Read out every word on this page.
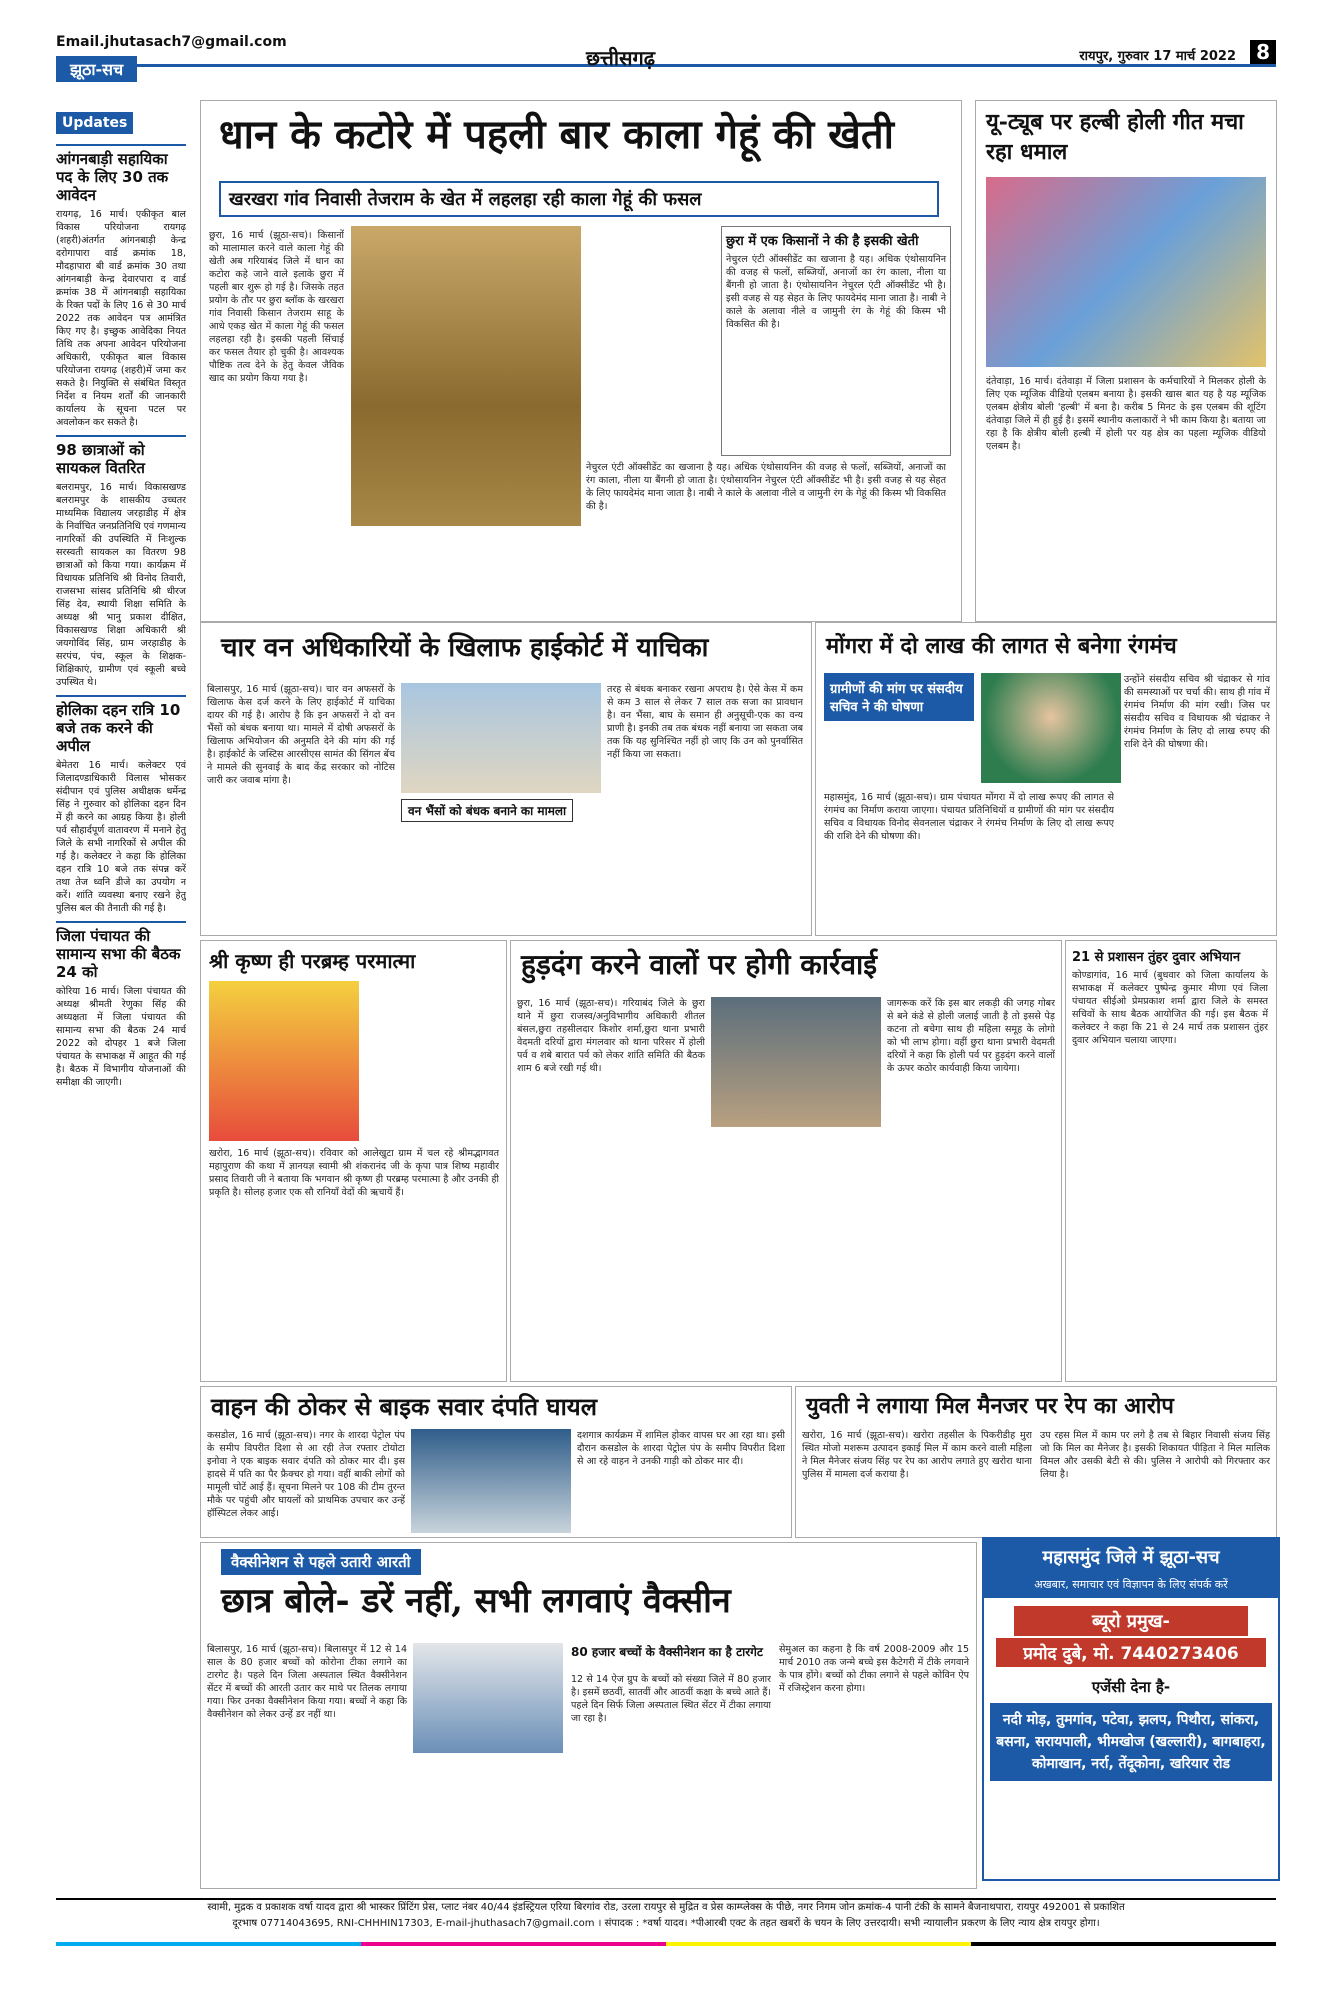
Email.jhutasach7@gmail.com
झूठा-सच	छत्तीसगढ़	रायपुर, गुरुवार 17 मार्च 2022	8
Updates
आंगनबाड़ी सहायिका पद के लिए 30 तक आवेदन

रायगढ़, 16 मार्च। एकीकृत बाल विकास परियोजना रायगढ़ (शहरी)अंतर्गत आंगनबाड़ी केन्द्र दरोगापारा वार्ड क्रमांक 18, मौदहापारा बी वार्ड क्रमांक 30 तथा आंगनबाड़ी केन्द्र देवारपारा द वार्ड क्रमांक 38 में आंगनबाड़ी सहायिका के रिक्त पदों के लिए 16 से 30 मार्च 2022 तक आवेदन पत्र आमंत्रित किए गए है। इच्छुक आवेदिका नियत तिथि तक अपना आवेदन परियोजना अधिकारी, एकीकृत बाल विकास परियोजना रायगढ़ (शहरी)में जमा कर सकते है। नियुक्ति से संबंधित विस्तृत निर्देश व नियम शर्तों की जानकारी कार्यालय के सूचना पटल पर अवलोकन कर सकते है।

98 छात्राओं को सायकल वितरित

बलरामपुर, 16 मार्च। विकासखण्ड बलरामपुर के शासकीय उच्चतर माध्यमिक विद्यालय जरहाडीह में क्षेत्र के निर्वाचित जनप्रतिनिधि एवं गणमान्य नागरिकों की उपस्थिति में निःशुल्क सरस्वती सायकल का वितरण 98 छात्राओं को किया गया। कार्यक्रम में विधायक प्रतिनिधि श्री विनोद तिवारी, राजसभा सांसद प्रतिनिधि श्री धीरज सिंह देव, स्थायी शिक्षा समिति के अध्यक्ष श्री भानु प्रकाश दीक्षित, विकासखण्ड शिक्षा अधिकारी श्री जयगोविंद सिंह, ग्राम जरहाडीह के सरपंच, पंच, स्कूल के शिक्षक-शिक्षिकाएं, ग्रामीण एवं स्कूली बच्चे उपस्थित थे।

होलिका दहन रात्रि 10 बजे तक करने की अपील

बेमेतरा 16 मार्च। कलेक्टर एवं जिलादण्डाधिकारी विलास भोसकर संदीपान एवं पुलिस अधीक्षक धर्मेन्द्र सिंह ने गुरुवार को होलिका दहन दिन में ही करने का आग्रह किया है। होली पर्व सौहार्दपूर्ण वातावरण में मनाने हेतु जिले के सभी नागरिकों से अपील की गई है। कलेक्टर ने कहा कि होलिका दहन रात्रि 10 बजे तक संपन्न करें तथा तेज ध्वनि डीजे का उपयोग न करें। शांति व्यवस्था बनाए रखने हेतु पुलिस बल की तैनाती की गई है।

जिला पंचायत की सामान्य सभा की बैठक 24 को

कोरिया 16 मार्च। जिला पंचायत की अध्यक्ष श्रीमती रेणुका सिंह की अध्यक्षता में जिला पंचायत की सामान्य सभा की बैठक 24 मार्च 2022 को दोपहर 1 बजे जिला पंचायत के सभाकक्ष में आहूत की गई है। बैठक में विभागीय योजनाओं की समीक्षा की जाएगी।

धान के कटोरे में पहली बार काला गेहूं की खेती
खरखरा गांव निवासी तेजराम के खेत में लहलहा रही काला गेहूं की फसल

छुरा, 16 मार्च (झूठा-सच)। किसानों को मालामाल करने वाले काला गेहूं की खेती अब गरियाबंद जिले में धान का कटोरा कहे जाने वाले इलाके छुरा में पहली बार शुरू हो गई है। जिसके तहत प्रयोग के तौर पर छुरा ब्लॉक के खरखरा गांव निवासी किसान तेजराम साहू के आधे एकड़ खेत में काला गेहूं की फसल लहलहा रही है। इसकी पहली सिंचाई कर फसल तैयार हो चुकी है। आवश्यक पौष्टिक तत्व देने के हेतु केवल जैविक खाद का प्रयोग किया गया है।

छुरा में एक किसानों ने की है इसकी खेती

नेचुरल एंटी ऑक्सीडेंट का खजाना है यह। अधिक एंथोसायनिन की वजह से फलों, सब्जियों, अनाजों का रंग काला, नीला या बैंगनी हो जाता है। एंथोसायनिन नेचुरल एंटी ऑक्सीडेंट भी है। इसी वजह से यह सेहत के लिए फायदेमंद माना जाता है। नाबी ने काले के अलावा नीले व जामुनी रंग के गेहूं की किस्म भी विकसित की है।

नेचुरल एंटी ऑक्सीडेंट का खजाना है यह। अधिक एंथोसायनिन की वजह से फलों, सब्जियों, अनाजों का रंग काला, नीला या बैंगनी हो जाता है। एंथोसायनिन नेचुरल एंटी ऑक्सीडेंट भी है। इसी वजह से यह सेहत के लिए फायदेमंद माना जाता है। नाबी ने काले के अलावा नीले व जामुनी रंग के गेहूं की किस्म भी विकसित की है।

यू-ट्यूब पर हल्बी होली गीत मचा रहा धमाल

दंतेवाड़ा, 16 मार्च। दंतेवाड़ा में जिला प्रशासन के कर्मचारियों ने मिलकर होली के लिए एक म्यूजिक वीडियो एलबम बनाया है। इसकी खास बात यह है यह म्यूजिक एलबम क्षेत्रीय बोली 'हल्बी' में बना है। करीब 5 मिनट के इस एलबम की शूटिंग दंतेवाड़ा जिले में ही हुई है। इसमें स्थानीय कलाकारों ने भी काम किया है। बताया जा रहा है कि क्षेत्रीय बोली हल्बी में होली पर यह क्षेत्र का पहला म्यूजिक वीडियो एलबम है।

चार वन अधिकारियों के खिलाफ हाईकोर्ट में याचिका
वन भैंसों को बंधक बनाने का मामला

बिलासपुर, 16 मार्च (झूठा-सच)। चार वन अफसरों के खिलाफ केस दर्ज करने के लिए हाईकोर्ट में याचिका दायर की गई है। आरोप है कि इन अफसरों ने दो वन भैंसों को बंधक बनाया था। मामले में दोषी अफसरों के खिलाफ अभियोजन की अनुमति देने की मांग की गई है। हाईकोर्ट के जस्टिस आरसीएस सामंत की सिंगल बेंच ने मामले की सुनवाई के बाद केंद्र सरकार को नोटिस जारी कर जवाब मांगा है।

तरह से बंधक बनाकर रखना अपराध है। ऐसे केस में कम से कम 3 साल से लेकर 7 साल तक सजा का प्रावधान है। वन भैंसा, बाघ के समान ही अनुसूची-एक का वन्य प्राणी है। इनकी तब तक बंधक नहीं बनाया जा सकता जब तक कि यह सुनिश्चित नहीं हो जाए कि उन को पुनर्वासित नहीं किया जा सकता।

मोंगरा में दो लाख की लागत से बनेगा रंगमंच
ग्रामीणों की मांग पर संसदीय सचिव ने की घोषणा

महासमुंद, 16 मार्च (झूठा-सच)। ग्राम पंचायत मोंगरा में दो लाख रूपए की लागत से रंगमंच का निर्माण कराया जाएगा। पंचायत प्रतिनिधियों व ग्रामीणों की मांग पर संसदीय सचिव व विधायक विनोद सेवनलाल चंद्राकर ने रंगमंच निर्माण के लिए दो लाख रूपए की राशि देने की घोषणा की।

उन्होंने संसदीय सचिव श्री चंद्राकर से गांव की समस्याओं पर चर्चा की। साथ ही गांव में रंगमंच निर्माण की मांग रखी। जिस पर संसदीय सचिव व विधायक श्री चंद्राकर ने रंगमंच निर्माण के लिए दो लाख रुपए की राशि देने की घोषणा की।

श्री कृष्ण ही परब्रम्ह परमात्मा

खरोरा, 16 मार्च (झूठा-सच)। रविवार को आलेखुटा ग्राम में चल रहे श्रीमद्भागवत महापुराण की कथा में ज्ञानयज्ञ स्वामी श्री शंकरानंद जी के कृपा पात्र शिष्य महावीर प्रसाद तिवारी जी ने बताया कि भगवान श्री कृष्ण ही परब्रम्ह परमात्मा है और उनकी ही प्रकृति है। सोलह हजार एक सौ रानियाँ वेदों की ऋचायें हैं।

हुड़दंग करने वालों पर होगी कार्रवाई

छुरा, 16 मार्च (झूठा-सच)। गरियाबंद जिले के छुरा थाने में छुरा राजस्व/अनुविभागीय अधिकारी शीतल बंसल,छुरा तहसीलदार किशोर शर्मा,छुरा थाना प्रभारी वेदमती दरियों द्वारा मंगलवार को थाना परिसर में होली पर्व व शबे बारात पर्व को लेकर शांति समिति की बैठक शाम 6 बजे रखी गई थी।

जागरूक करें कि इस बार लकड़ी की जगह गोबर से बने कंडे से होली जलाई जाती है तो इससे पेड़ कटना तो बचेगा साथ ही महिला समूह के लोगो को भी लाभ होगा। वहीं छुरा थाना प्रभारी वेदमती दरियों ने कहा कि होली पर्व पर हुड़दंग करने वालों के ऊपर कठोर कार्यवाही किया जायेगा।

21 से प्रशासन तुंहर दुवार अभियान

कोण्डागांव, 16 मार्च (बुधवार को जिला कार्यालय के सभाकक्ष में कलेक्टर पुष्पेन्द्र कुमार मीणा एवं जिला पंचायत सीईओ प्रेमप्रकाश शर्मा द्वारा जिले के समस्त सचिवों के साथ बैठक आयोजित की गई। इस बैठक में कलेक्टर ने कहा कि 21 से 24 मार्च तक प्रशासन तुंहर दुवार अभियान चलाया जाएगा।

वाहन की ठोकर से बाइक सवार दंपति घायल

कसडोल, 16 मार्च (झूठा-सच)। नगर के शारदा पेट्रोल पंप के समीप विपरीत दिशा से आ रही तेज रफ्तार टोयोटा इनोवा ने एक बाइक सवार दंपति को ठोकर मार दी। इस हादसे में पति का पैर फ्रैक्चर हो गया। वहीं बाकी लोगों को मामूली चोटें आई हैं। सूचना मिलने पर 108 की टीम तुरन्त मौके पर पहुंची और घायलों को प्राथमिक उपचार कर उन्हें हॉस्पिटल लेकर आई।

दशगात्र कार्यक्रम में शामिल होकर वापस घर आ रहा था। इसी दौरान कसडोल के शारदा पेट्रोल पंप के समीप विपरीत दिशा से आ रहे वाहन ने उनकी गाड़ी को ठोकर मार दी।

युवती ने लगाया मिल मैनजर पर रेप का आरोप

खरोरा, 16 मार्च (झूठा-सच)। खरोरा तहसील के पिकरीडीह मुरा स्थित मोजो मशरूम उत्पादन इकाई मिल में काम करने वाली महिला ने मिल मैनेजर संजय सिंह पर रेप का आरोप लगाते हुए खरोरा थाना पुलिस में मामला दर्ज कराया है।

उप रहस मिल में काम पर लगे है तब से बिहार निवासी संजय सिंह जो कि मिल का मैनेजर है। इसकी शिकायत पीड़िता ने मिल मालिक विमल और उसकी बेटी से की। पुलिस ने आरोपी को गिरफ्तार कर लिया है।

वैक्सीनेशन से पहले उतारी आरती
छात्र बोले- डरें नहीं, सभी लगवाएं वैक्सीन

बिलासपुर, 16 मार्च (झूठा-सच)। बिलासपुर में 12 से 14 साल के 80 हजार बच्चों को कोरोना टीका लगाने का टारगेट है। पहले दिन जिला अस्पताल स्थित वैक्सीनेशन सेंटर में बच्चों की आरती उतार कर माथे पर तिलक लगाया गया। फिर उनका वैक्सीनेशन किया गया। बच्चों ने कहा कि वैक्सीनेशन को लेकर उन्हें डर नहीं था।

80 हजार बच्चों के वैक्सीनेशन का है टारगेट

12 से 14 ऐज ग्रुप के बच्चों को संख्या जिले में 80 हजार है। इसमें छठवीं, सातवीं और आठवीं कक्षा के बच्चे आते हैं। पहले दिन सिर्फ जिला अस्पताल स्थित सेंटर में टीका लगाया जा रहा है।

सेमुअल का कहना है कि वर्ष 2008-2009 और 15 मार्च 2010 तक जन्मे बच्चे इस कैटेगरी में टीके लगवाने के पात्र होंगे। बच्चों को टीका लगाने से पहले कोविन ऐप में रजिस्ट्रेशन करना होगा।

महासमुंद जिले में झूठा-सच
अखबार, समाचार एवं विज्ञापन के लिए संपर्क करें
ब्यूरो प्रमुख-
प्रमोद दुबे, मो. 7440273406
एजेंसी देना है-
नदी मोड़, तुमगांव, पटेवा, झलप, पिथौरा, सांकरा, बसना, सरायपाली, भीमखोज (खल्लारी), बागबाहरा, कोमाखान, नर्रा, तेंदूकोना, खरियार रोड
स्वामी, मुद्रक व प्रकाशक वर्षा यादव द्वारा श्री भास्कर प्रिंटिंग प्रेस, प्लाट नंबर 40/44 इंडस्ट्रियल एरिया बिरगांव रोड, उरला रायपुर से मुद्रित व प्रेस काम्प्लेक्स के पीछे, नगर निगम जोन क्रमांक-4 पानी टंकी के सामने बैजनाथपारा, रायपुर 492001 से प्रकाशित
दूरभाष 07714043695, RNI-CHHHIN17303, E-mail-jhuthasach7@gmail.com । संपादक : *वर्षा यादव। *पीआरबी एक्ट के तहत खबरों के चयन के लिए उत्तरदायी। सभी न्यायालीन प्रकरण के लिए न्याय क्षेत्र रायपुर होगा।
